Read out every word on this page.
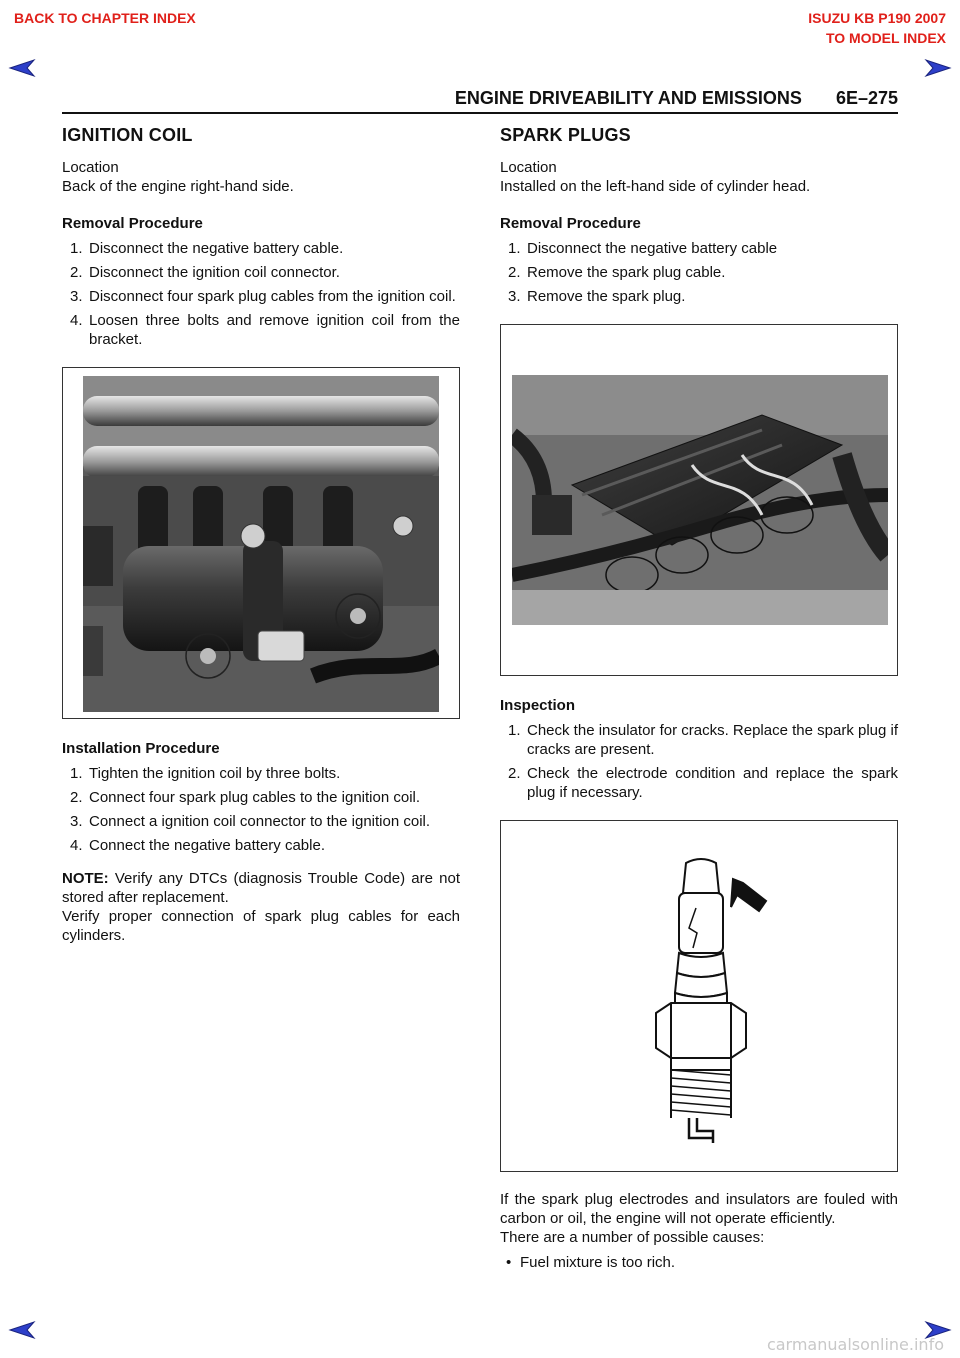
BACK TO CHAPTER INDEX	ISUZU KB P190 2007
TO MODEL INDEX
ENGINE DRIVEABILITY AND EMISSIONS 6E–275
IGNITION COIL
Location
Back of the engine right-hand side.
Removal Procedure
1. Disconnect the negative battery cable.
2. Disconnect the ignition coil connector.
3. Disconnect four spark plug cables from the ignition coil.
4. Loosen three bolts and remove ignition coil from the bracket.
Installation Procedure
1. Tighten the ignition coil by three bolts.
2. Connect four spark plug cables to the ignition coil.
3. Connect a ignition coil connector to the ignition coil.
4. Connect the negative battery cable.

NOTE: Verify any DTCs (diagnosis Trouble Code) are not stored after replacement.

Verify proper connection of spark plug cables for each cylinders.

SPARK PLUGS
Location
Installed on the left-hand side of cylinder head.
Removal Procedure
1. Disconnect the negative battery cable
2. Remove the spark plug cable.
3. Remove the spark plug.
Inspection
1. Check the insulator for cracks. Replace the spark plug if cracks are present.
2. Check the electrode condition and replace the spark plug if necessary.

If the spark plug electrodes and insulators are fouled with carbon or oil, the engine will not operate efficiently.

There are a number of possible causes:

• Fuel mixture is too rich.
carmanualsonline.info
